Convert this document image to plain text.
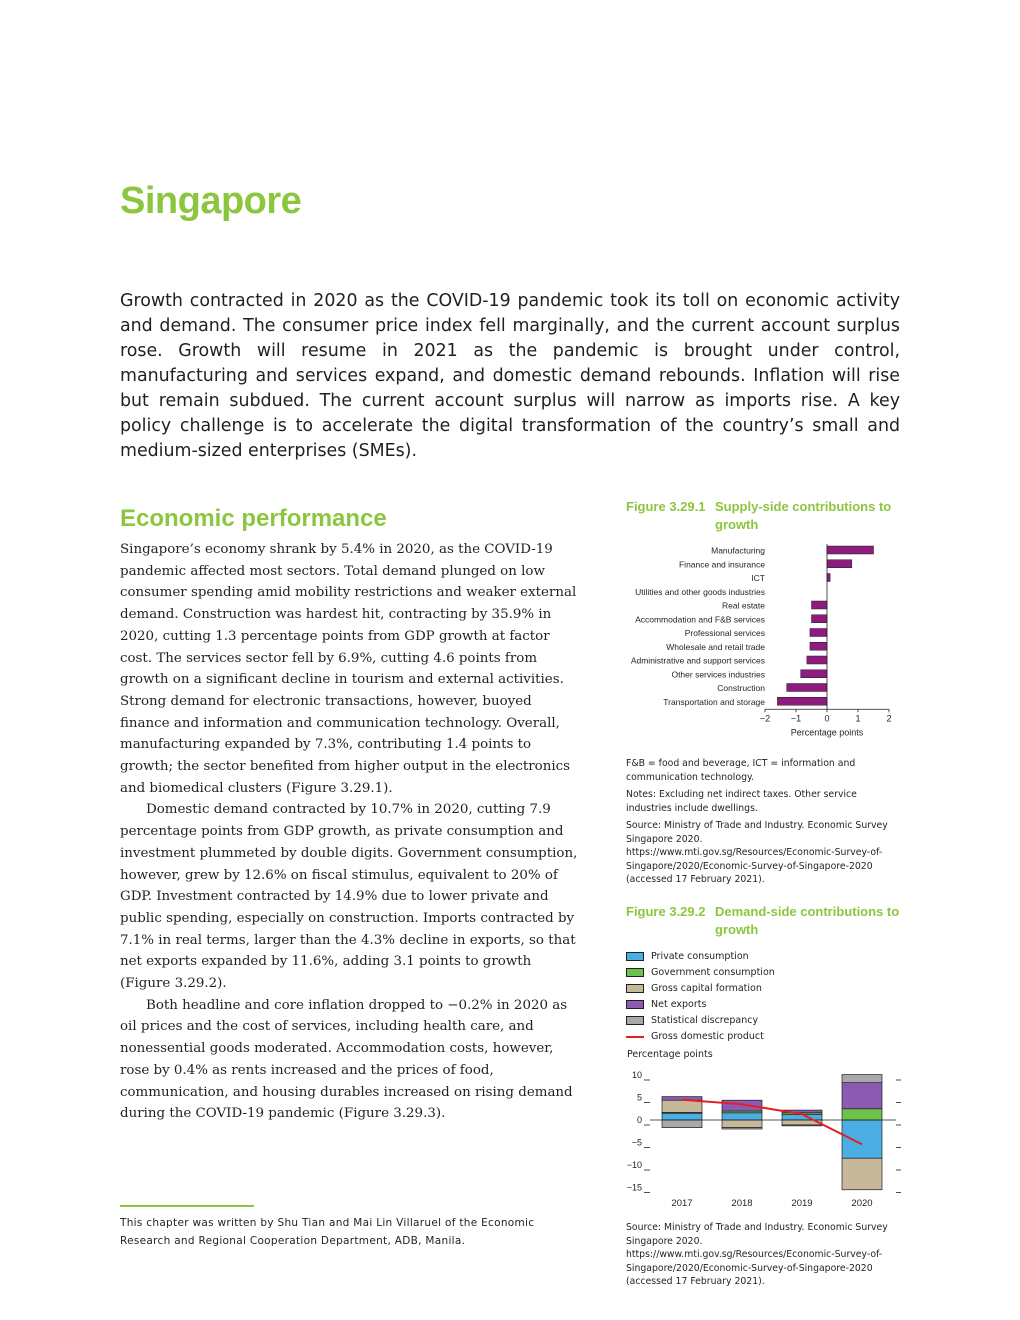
Singapore

Growth contracted in 2020 as the COVID-19 pandemic took its toll on economic activity and demand. The consumer price index fell marginally, and the current account surplus rose. Growth will resume in 2021 as the pandemic is brought under control, manufacturing and services expand, and domestic demand rebounds. Inflation will rise but remain subdued. The current account surplus will narrow as imports rise. A key policy challenge is to accelerate the digital transformation of the country’s small and medium-sized enterprises (SMEs).

Economic performance

Singapore’s economy shrank by 5.4% in 2020, as the COVID-19 pandemic affected most sectors. Total demand plunged on low consumer spending amid mobility restrictions and weaker external demand. Construction was hardest hit, contracting by 35.9% in 2020, cutting 1.3 percentage points from GDP growth at factor cost. The services sector fell by 6.9%, cutting 4.6 points from growth on a significant decline in tourism and external activities. Strong demand for electronic transactions, however, buoyed finance and information and communication technology. Overall, manufacturing expanded by 7.3%, contributing 1.4 points to growth; the sector benefited from higher output in the electronics and biomedical clusters (Figure 3.29.1).

Domestic demand contracted by 10.7% in 2020, cutting 7.9 percentage points from GDP growth, as private consumption and investment plummeted by double digits. Government consumption, however, grew by 12.6% on fiscal stimulus, equivalent to 20% of GDP. Investment contracted by 14.9% due to lower private and public spending, especially on construction. Imports contracted by 7.1% in real terms, larger than the 4.3% decline in exports, so that net exports expanded by 11.6%, adding 3.1 points to growth (Figure 3.29.2).

Both headline and core inflation dropped to −0.2% in 2020 as oil prices and the cost of services, including health care, and nonessential goods moderated. Accommodation costs, however, rose by 0.4% as rents increased and the prices of food, communication, and housing durables increased on rising demand during the COVID-19 pandemic (Figure 3.29.3).

This chapter was written by Shu Tian and Mai Lin Villaruel of the Economic Research and Regional Cooperation Department, ADB, Manila.

Figure 3.29.1 Supply-side contributions to growth
Manufacturing
Finance and insurance
ICT
Utilities and other goods industries
Real estate
Accommodation and F&B services
Professional services
Wholesale and retail trade
Administrative and support services
Other services industries
Construction
Transportation and storage
−2 −1	0	1	2
Percentage points

F&B = food and beverage, ICT = information and communication technology.

Notes: Excluding net indirect taxes. Other service industries include dwellings.

Source: Ministry of Trade and Industry. Economic Survey Singapore 2020. https://www.mti.gov.sg/Resources/Economic-Survey-of-Singapore/2020/Economic-Survey-of-Singapore-2020 (accessed 17 February 2021).

Figure 3.29.2 Demand-side contributions to growth
Private consumption
Government consumption
Gross capital formation
Net exports
Statistical discrepancy
Gross domestic product
Percentage points
10
5
0
−5
−10
−15
2017	2018	2019	2020

Source: Ministry of Trade and Industry. Economic Survey Singapore 2020. https://www.mti.gov.sg/Resources/Economic-Survey-of-Singapore/2020/Economic-Survey-of-Singapore-2020 (accessed 17 February 2021).
